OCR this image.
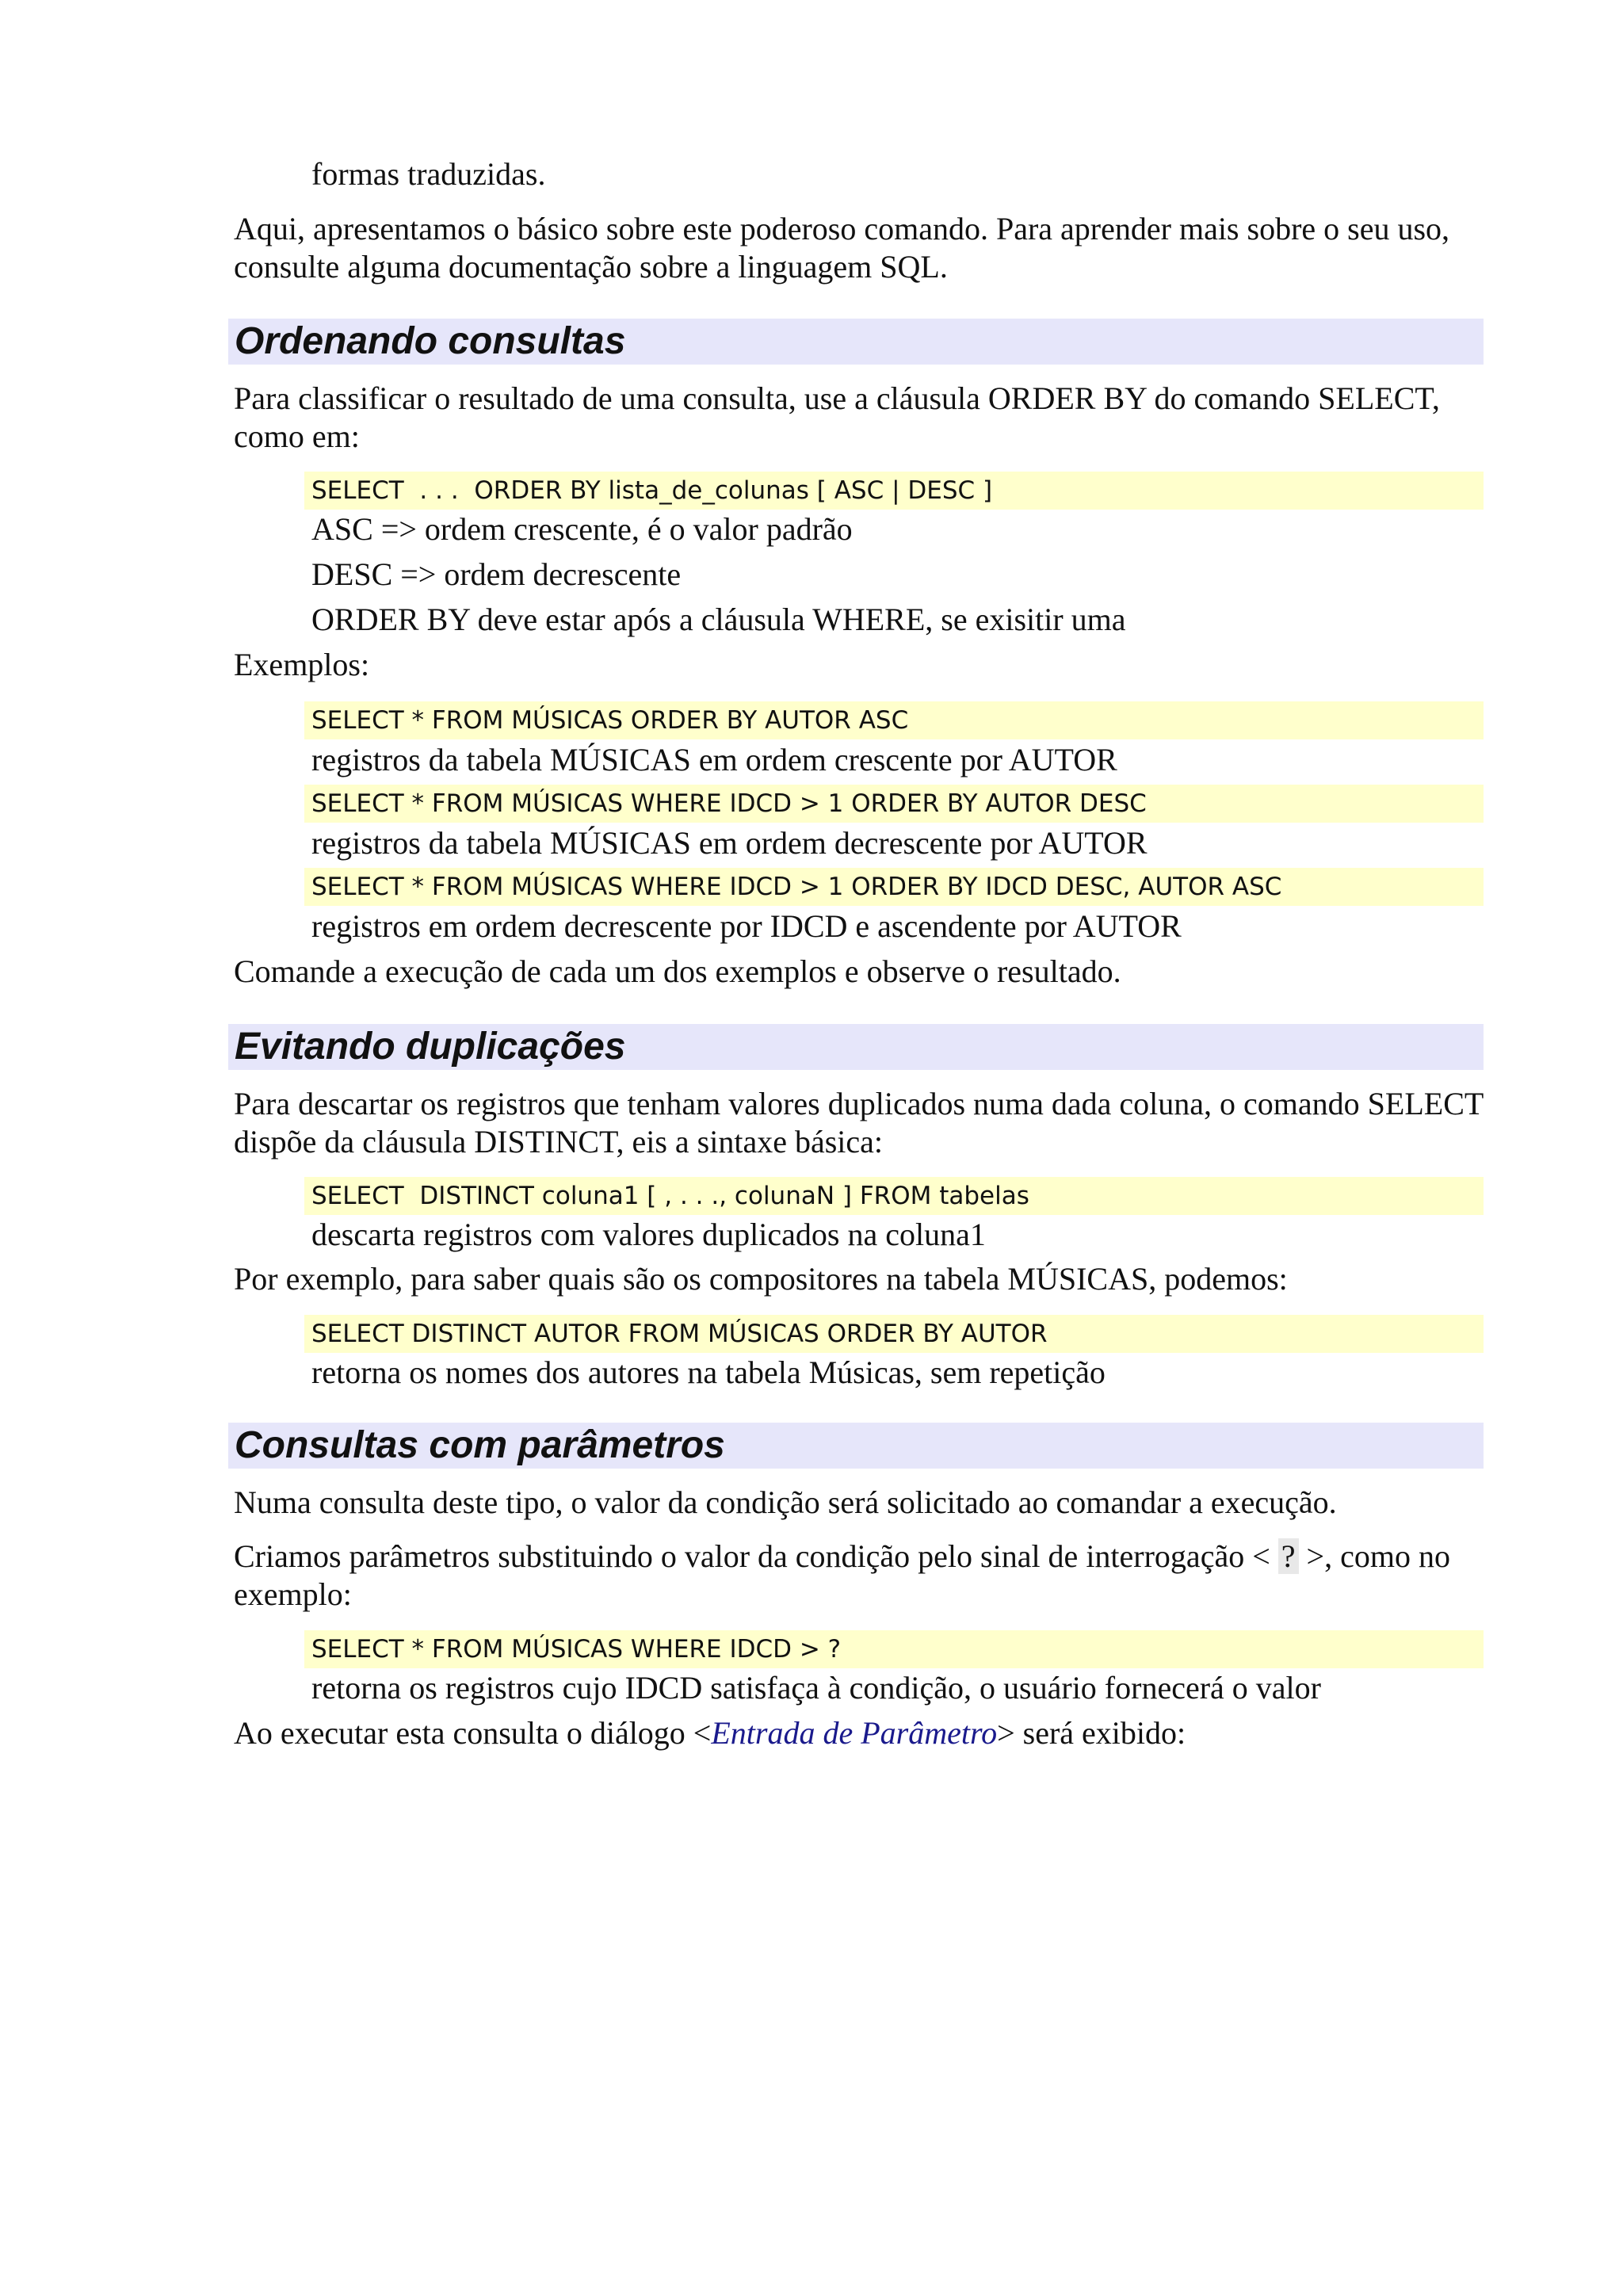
formas traduzidas.

Aqui, apresentamos o básico sobre este poderoso comando. Para aprender mais sobre o seu uso, consulte alguma documentação sobre a linguagem SQL.

Ordenando consultas

Para classificar o resultado de uma consulta, use a cláusula ORDER BY do comando SELECT, como em:

SELECT  . . .  ORDER BY lista_de_colunas [ ASC | DESC ]

ASC => ordem crescente, é o valor padrão

DESC => ordem decrescente

ORDER BY deve estar após a cláusula WHERE, se exisitir uma

Exemplos:

SELECT * FROM MÚSICAS ORDER BY AUTOR ASC

registros da tabela MÚSICAS em ordem crescente por AUTOR

SELECT * FROM MÚSICAS WHERE IDCD > 1 ORDER BY AUTOR DESC

registros da tabela MÚSICAS em ordem decrescente por AUTOR

SELECT * FROM MÚSICAS WHERE IDCD > 1 ORDER BY IDCD DESC, AUTOR ASC

registros em ordem decrescente por IDCD e ascendente por AUTOR

Comande a execução de cada um dos exemplos e observe o resultado.

Evitando duplicações

Para descartar os registros que tenham valores duplicados numa dada coluna, o comando SELECT dispõe da cláusula DISTINCT, eis a sintaxe básica:

SELECT  DISTINCT coluna1 [ , . . ., colunaN ] FROM tabelas

descarta registros com valores duplicados na coluna1

Por exemplo, para saber quais são os compositores na tabela MÚSICAS, podemos:

SELECT DISTINCT AUTOR FROM MÚSICAS ORDER BY AUTOR

retorna os nomes dos autores na tabela Músicas, sem repetição

Consultas com parâmetros

Numa consulta deste tipo, o valor da condição será solicitado ao comandar a execução.

Criamos parâmetros substituindo o valor da condição pelo sinal de interrogação < ? >, como no exemplo:

SELECT * FROM MÚSICAS WHERE IDCD > ?

retorna os registros cujo IDCD satisfaça à condição, o usuário fornecerá o valor

Ao executar esta consulta o diálogo <Entrada de Parâmetro> será exibido:
